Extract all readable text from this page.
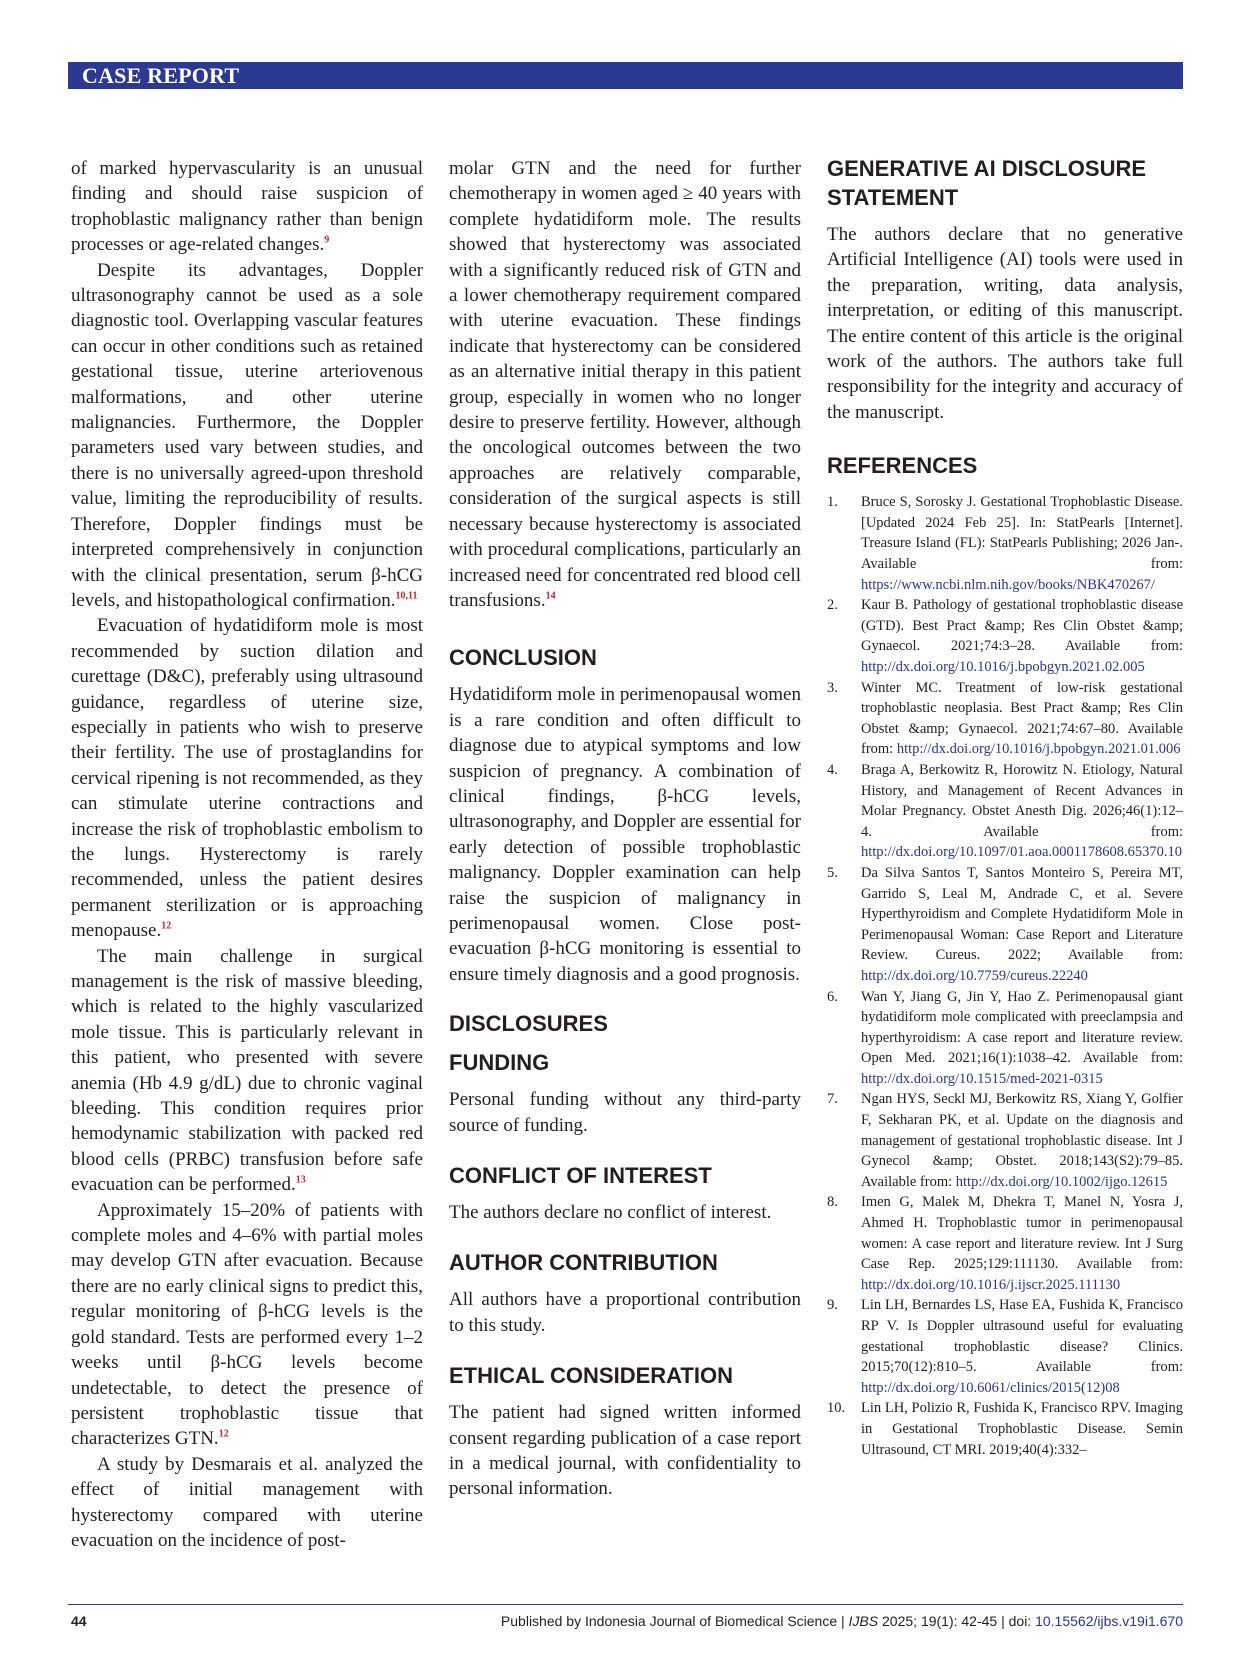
CASE REPORT

of marked hypervascularity is an unusual finding and should raise suspicion of trophoblastic malignancy rather than benign processes or age-related changes.$^9$

Despite its advantages, Doppler ultrasonography cannot be used as a sole diagnostic tool. Overlapping vascular features can occur in other conditions such as retained gestational tissue, uterine arteriovenous malformations, and other uterine malignancies. Furthermore, the Doppler parameters used vary between studies, and there is no universally agreed-upon threshold value, limiting the reproducibility of results. Therefore, Doppler findings must be interpreted comprehensively in conjunction with the clinical presentation, serum β-hCG levels, and histopathological confirmation.$^{10,11}$

Evacuation of hydatidiform mole is most recommended by suction dilation and curettage (D&C), preferably using ultrasound guidance, regardless of uterine size, especially in patients who wish to preserve their fertility. The use of prostaglandins for cervical ripening is not recommended, as they can stimulate uterine contractions and increase the risk of trophoblastic embolism to the lungs. Hysterectomy is rarely recommended, unless the patient desires permanent sterilization or is approaching menopause.$^{12}$

The main challenge in surgical management is the risk of massive bleeding, which is related to the highly vascularized mole tissue. This is particularly relevant in this patient, who presented with severe anemia (Hb 4.9 g/dL) due to chronic vaginal bleeding. This condition requires prior hemodynamic stabilization with packed red blood cells (PRBC) transfusion before safe evacuation can be performed.$^{13}$

Approximately 15–20% of patients with complete moles and 4–6% with partial moles may develop GTN after evacuation. Because there are no early clinical signs to predict this, regular monitoring of β-hCG levels is the gold standard. Tests are performed every 1–2 weeks until β-hCG levels become undetectable, to detect the presence of persistent trophoblastic tissue that characterizes GTN.$^{12}$

A study by Desmarais et al. analyzed the effect of initial management with hysterectomy compared with uterine evacuation on the incidence of post-

molar GTN and the need for further chemotherapy in women aged ≥ 40 years with complete hydatidiform mole. The results showed that hysterectomy was associated with a significantly reduced risk of GTN and a lower chemotherapy requirement compared with uterine evacuation. These findings indicate that hysterectomy can be considered as an alternative initial therapy in this patient group, especially in women who no longer desire to preserve fertility. However, although the oncological outcomes between the two approaches are relatively comparable, consideration of the surgical aspects is still necessary because hysterectomy is associated with procedural complications, particularly an increased need for concentrated red blood cell transfusions.$^{14}$

CONCLUSION

Hydatidiform mole in perimenopausal women is a rare condition and often difficult to diagnose due to atypical symptoms and low suspicion of pregnancy. A combination of clinical findings, β-hCG levels, ultrasonography, and Doppler are essential for early detection of possible trophoblastic malignancy. Doppler examination can help raise the suspicion of malignancy in perimenopausal women. Close post-evacuation β-hCG monitoring is essential to ensure timely diagnosis and a good prognosis.

DISCLOSURES
FUNDING

Personal funding without any third-party source of funding.

CONFLICT OF INTEREST

The authors declare no conflict of interest.

AUTHOR CONTRIBUTION

All authors have a proportional contribution to this study.

ETHICAL CONSIDERATION

The patient had signed written informed consent regarding publication of a case report in a medical journal, with confidentiality to personal information.

GENERATIVE AI DISCLOSURE STATEMENT

The authors declare that no generative Artificial Intelligence (AI) tools were used in the preparation, writing, data analysis, interpretation, or editing of this manuscript. The entire content of this article is the original work of the authors. The authors take full responsibility for the integrity and accuracy of the manuscript.

REFERENCES
1.	Bruce S, Sorosky J. Gestational Trophoblastic Disease. [Updated 2024 Feb 25]. In: StatPearls [Internet]. Treasure Island (FL): StatPearls Publishing; 2026 Jan-. Available from: https://www.ncbi.nlm.nih.gov/books/NBK470267/
2.	Kaur B. Pathology of gestational trophoblastic disease (GTD). Best Pract &amp; Res Clin Obstet &amp; Gynaecol. 2021;74:3–28. Available from: http://dx.doi.org/10.1016/j.bpobgyn.2021.02.005
3.	Winter MC. Treatment of low-risk gestational trophoblastic neoplasia. Best Pract &amp; Res Clin Obstet &amp; Gynaecol. 2021;74:67–80. Available from: http://dx.doi.org/10.1016/j.bpobgyn.2021.01.006
4.	Braga A, Berkowitz R, Horowitz N. Etiology, Natural History, and Management of Recent Advances in Molar Pregnancy. Obstet Anesth Dig. 2026;46(1):12–4. Available from: http://dx.doi.org/10.1097/01.aoa.0001178608.65370.10
5.	Da Silva Santos T, Santos Monteiro S, Pereira MT, Garrido S, Leal M, Andrade C, et al. Severe Hyperthyroidism and Complete Hydatidiform Mole in Perimenopausal Woman: Case Report and Literature Review. Cureus. 2022; Available from: http://dx.doi.org/10.7759/cureus.22240
6.	Wan Y, Jiang G, Jin Y, Hao Z. Perimenopausal giant hydatidiform mole complicated with preeclampsia and hyperthyroidism: A case report and literature review. Open Med. 2021;16(1):1038–42. Available from: http://dx.doi.org/10.1515/med-2021-0315
7.	Ngan HYS, Seckl MJ, Berkowitz RS, Xiang Y, Golfier F, Sekharan PK, et al. Update on the diagnosis and management of gestational trophoblastic disease. Int J Gynecol &amp; Obstet. 2018;143(S2):79–85. Available from: http://dx.doi.org/10.1002/ijgo.12615
8.	Imen G, Malek M, Dhekra T, Manel N, Yosra J, Ahmed H. Trophoblastic tumor in perimenopausal women: A case report and literature review. Int J Surg Case Rep. 2025;129:111130. Available from: http://dx.doi.org/10.1016/j.ijscr.2025.111130
9.	Lin LH, Bernardes LS, Hase EA, Fushida K, Francisco RP V. Is Doppler ultrasound useful for evaluating gestational trophoblastic disease? Clinics. 2015;70(12):810–5. Available from: http://dx.doi.org/10.6061/clinics/2015(12)08
10.	Lin LH, Polizio R, Fushida K, Francisco RPV. Imaging in Gestational Trophoblastic Disease. Semin Ultrasound, CT MRI. 2019;40(4):332–
44	Published by Indonesia Journal of Biomedical Science | IJBS 2025; 19(1): 42-45 | doi: 10.15562/ijbs.v19i1.670
